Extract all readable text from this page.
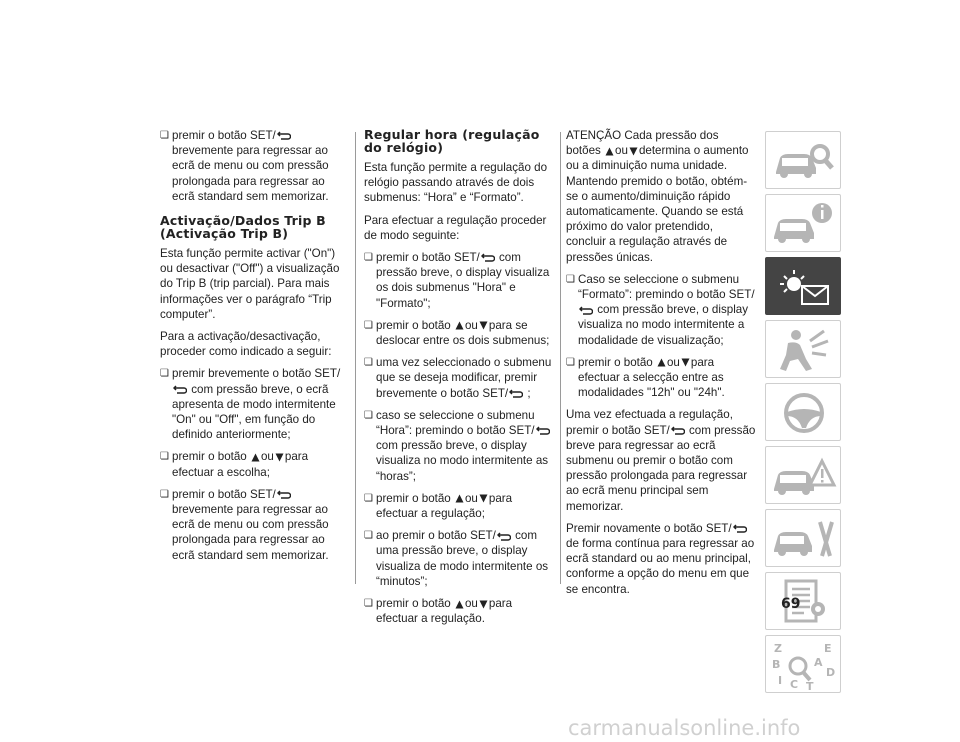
❏ premir o botão SET/ brevemente para regressar ao ecrã de menu ou com pressão prolongada para regressar ao ecrã standard sem memorizar.
Activação/Dados Trip B (Activação Trip B)

Esta função permite activar ("On") ou desactivar ("Off") a visualização do Trip B (trip parcial). Para mais informações ver o parágrafo “Trip computer”.

Para a activação/desactivação, proceder como indicado a seguir:

❏ premir brevemente o botão SET/ com pressão breve, o ecrã apresenta de modo intermitente "On" ou "Off", em função do definido anteriormente;
❏ premir o botão ou para efectuar a escolha;
❏ premir o botão SET/ brevemente para regressar ao ecrã de menu ou com pressão prolongada para regressar ao ecrã standard sem memorizar.
Regular hora (regulação do relógio)

Esta função permite a regulação do relógio passando através de dois submenus: “Hora” e “Formato”.

Para efectuar a regulação proceder de modo seguinte:

❏ premir o botão SET/ com pressão breve, o display visualiza os dois submenus "Hora" e "Formato";
❏ premir o botão ou para se deslocar entre os dois submenus;
❏ uma vez seleccionado o submenu que se deseja modificar, premir brevemente o botão SET/ ;
❏ caso se seleccione o submenu “Hora”: premindo o botão SET/ com pressão breve, o display visualiza no modo intermitente as “horas”;
❏ premir o botão ou para efectuar a regulação;
❏ ao premir o botão SET/ com uma pressão breve, o display visualiza de modo intermitente os “minutos”;
❏ premir o botão ou para efectuar a regulação.

ATENÇÃO Cada pressão dos botões ou determina o aumento ou a diminuição numa unidade. Mantendo premido o botão, obtém-se o aumento/diminuição rápido automaticamente. Quando se está próximo do valor pretendido, concluir a regulação através de pressões únicas.

❏ Caso se seleccione o submenu “Formato”: premindo o botão SET/ com pressão breve, o display visualiza no modo intermitente a modalidade de visualização;
❏ premir o botão ou para efectuar a selecção entre as modalidades "12h" ou "24h".

Uma vez efectuada a regulação, premir o botão SET/ com pressão breve para regressar ao ecrã submenu ou premir o botão com pressão prolongada para regressar ao ecrã menu principal sem memorizar.

Premir novamente o botão SET/ de forma contínua para regressar ao ecrã standard ou ao menu principal, conforme a opção do menu em que se encontra.

Z	E
B	A
D
I C T
69
carmanualsonline.info
